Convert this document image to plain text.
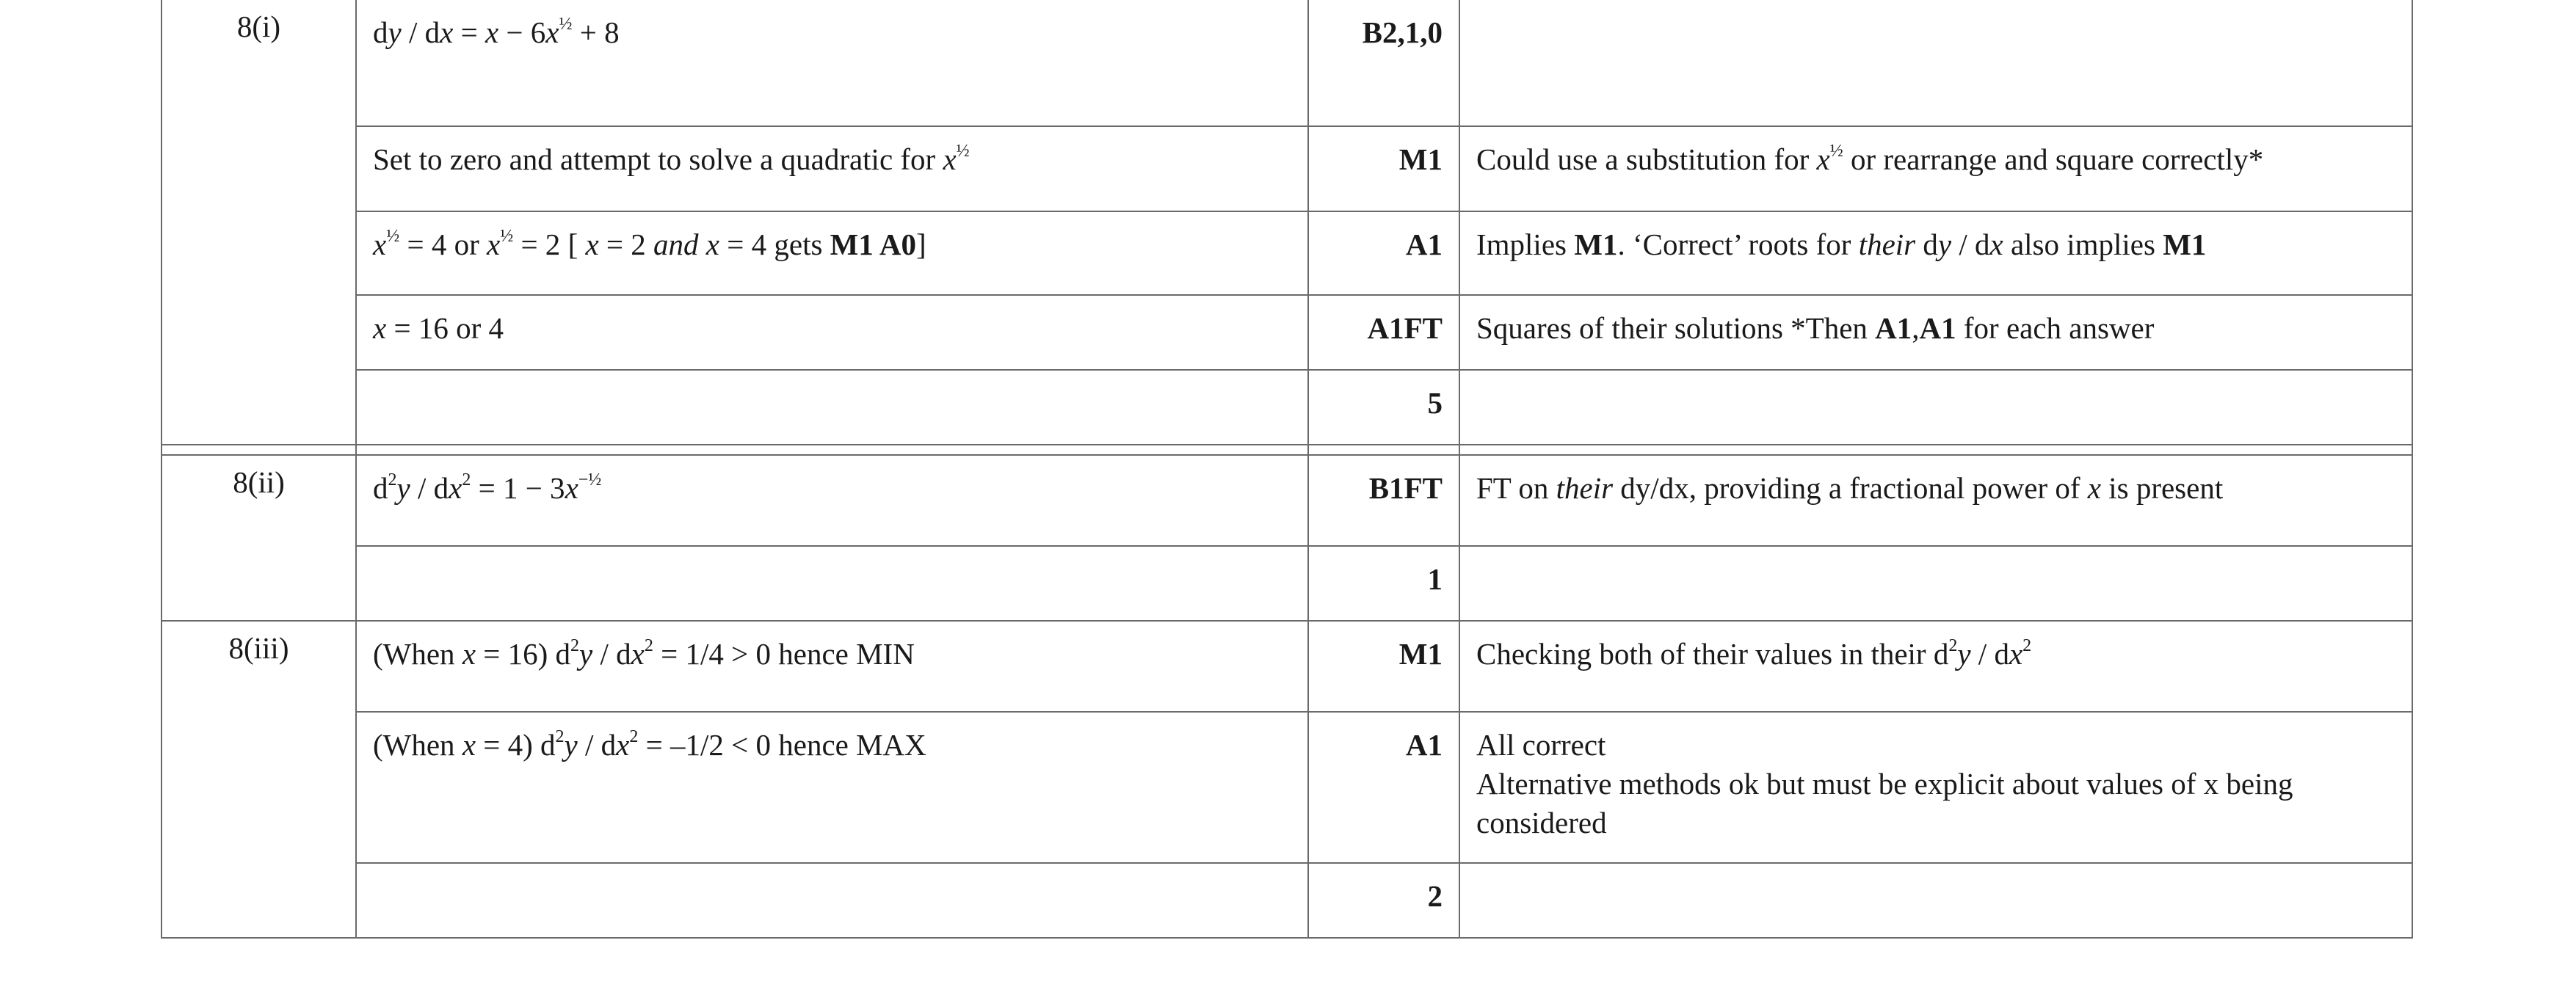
8(i)	dy / dx = $x - 6x^{\frac{1}{2}} + 8$	B2,1,0	
	Set to zero and attempt to solve a quadratic for $x^{\frac{1}{2}}$	M1	Could use a substitution for $x^{\frac{1}{2}}$ or rearrange and square correctly*
	$x^{\frac{1}{2}} = 4$ or $x^{\frac{1}{2}} = 2$ [ x = 2 and x = 4 gets M1 A0]	A1	Implies M1. ‘Correct’ roots for their dy / dx also implies M1
	x = 16 or 4	A1FT	Squares of their solutions *Then A1,A1 for each answer
		5	

8(ii)	$d^2y / dx^2 = 1 - 3x^{-\frac{1}{2}}$	B1FT	FT on their dy/dx, providing a fractional power of x is present
		1	
8(iii)	(When x = 16) $d^2y / dx^2 = 1/4 > 0$ hence MIN	M1	Checking both of their values in their $d^2y / dx^2$
	(When x = 4) $d^2y / dx^2 = -1/2 < 0$ hence MAX	A1	All correct
Alternative methods ok but must be explicit about values of x being considered

		2	
